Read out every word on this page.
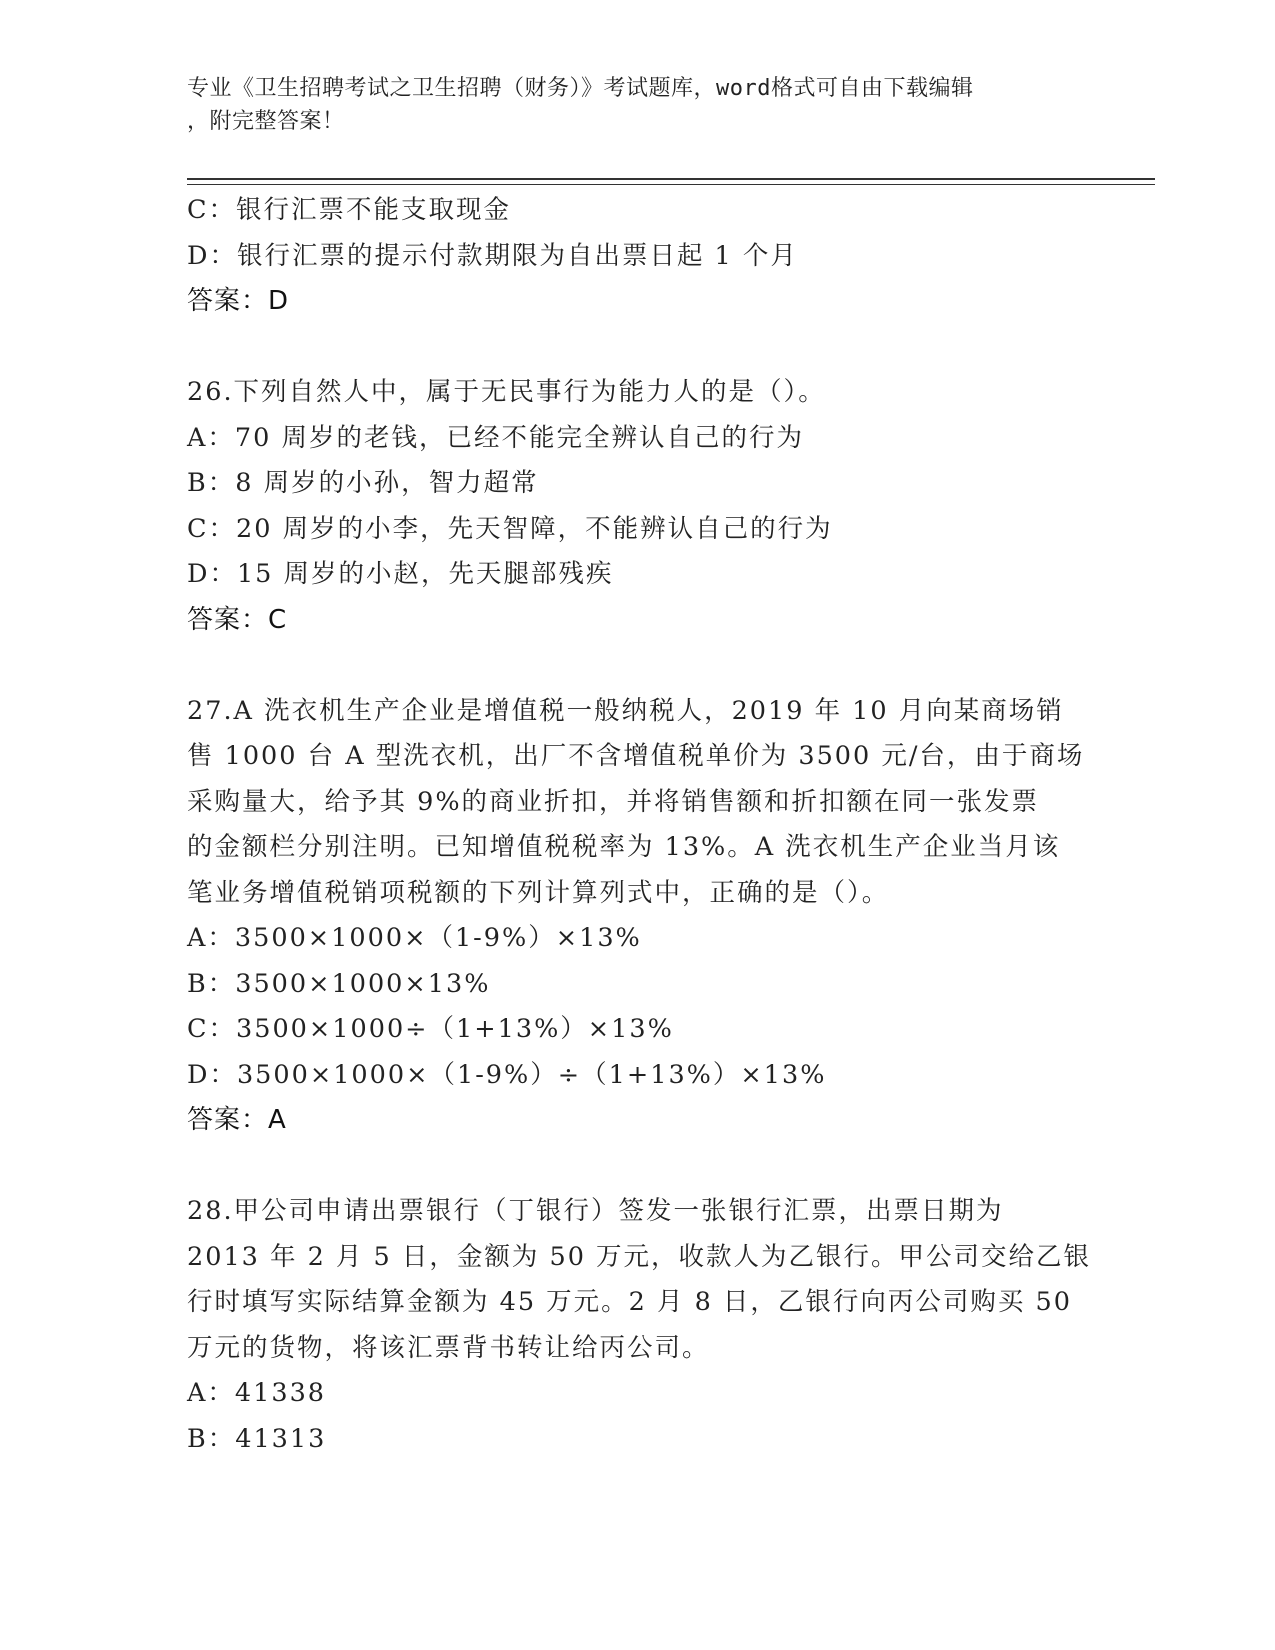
专业《卫生招聘考试之卫生招聘（财务）》考试题库，word格式可自由下载编辑
，附完整答案！
C：银行汇票不能支取现金
D：银行汇票的提示付款期限为自出票日起 1 个月
答案：D
26.下列自然人中，属于无民事行为能力人的是（）。
A：70 周岁的老钱，已经不能完全辨认自己的行为
B：8 周岁的小孙，智力超常
C：20 周岁的小李，先天智障，不能辨认自己的行为
D：15 周岁的小赵，先天腿部残疾
答案：C
27.A 洗衣机生产企业是增值税一般纳税人，2019 年 10 月向某商场销
售 1000 台 A 型洗衣机，出厂不含增值税单价为 3500 元/台，由于商场
采购量大，给予其 9%的商业折扣，并将销售额和折扣额在同一张发票
的金额栏分别注明。已知增值税税率为 13%。A 洗衣机生产企业当月该
笔业务增值税销项税额的下列计算列式中，正确的是（）。
A：3500×1000×（1-9%）×13%
B：3500×1000×13%
C：3500×1000÷（1+13%）×13%
D：3500×1000×（1-9%）÷（1+13%）×13%
答案：A
28.甲公司申请出票银行（丁银行）签发一张银行汇票，出票日期为
2013 年 2 月 5 日，金额为 50 万元，收款人为乙银行。甲公司交给乙银
行时填写实际结算金额为 45 万元。2 月 8 日，乙银行向丙公司购买 50
万元的货物，将该汇票背书转让给丙公司。
A：41338
B：41313
